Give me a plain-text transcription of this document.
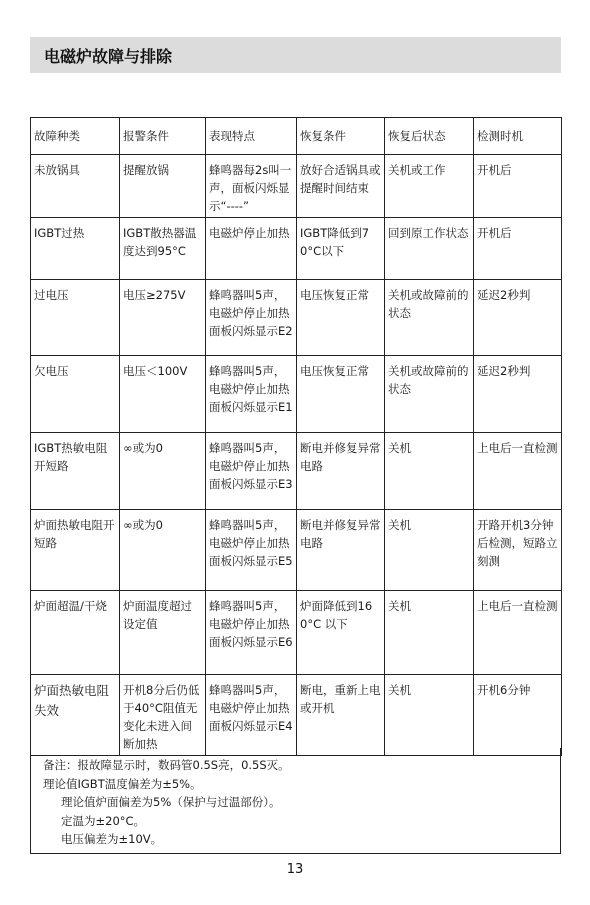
电磁炉故障与排除
故障种类	报警条件	表现特点	恢复条件	恢复后状态	检测时机
未放锅具	提醒放锅	蜂鸣器每2s叫一声，面板闪烁显示“----”	放好合适锅具或提醒时间结束	关机或工作	开机后
IGBT过热	IGBT散热器温度达到95°C	电磁炉停止加热	IGBT降低到70°C以下	回到原工作状态	开机后
过电压	电压≥275V	蜂鸣器叫5声，电磁炉停止加热面板闪烁显示E2	电压恢复正常	关机或故障前的状态	延迟2秒判
欠电压	电压＜100V	蜂鸣器叫5声，电磁炉停止加热面板闪烁显示E1	电压恢复正常	关机或故障前的状态	延迟2秒判
IGBT热敏电阻开短路	∞或为0	蜂鸣器叫5声，电磁炉停止加热面板闪烁显示E3	断电并修复异常电路	关机	上电后一直检测
炉面热敏电阻开短路	∞或为0	蜂鸣器叫5声，电磁炉停止加热面板闪烁显示E5	断电并修复异常电路	关机	开路开机3分钟后检测，短路立刻测
炉面超温/干烧	炉面温度超过设定值	蜂鸣器叫5声，电磁炉停止加热面板闪烁显示E6	炉面降低到160°C 以下	关机	上电后一直检测
炉面热敏电阻失效	开机8分后仍低于40°C阻值无变化未进入间断加热	蜂鸣器叫5声，电磁炉停止加热面板闪烁显示E4	断电，重新上电或开机	关机	开机6分钟
备注：报故障显示时，数码管0.5S亮，0.5S灭。
理论值IGBT温度偏差为±5%。
理论值炉面偏差为5%（保护与过温部份）。
定温为±20°C。
电压偏差为±10V。
13
